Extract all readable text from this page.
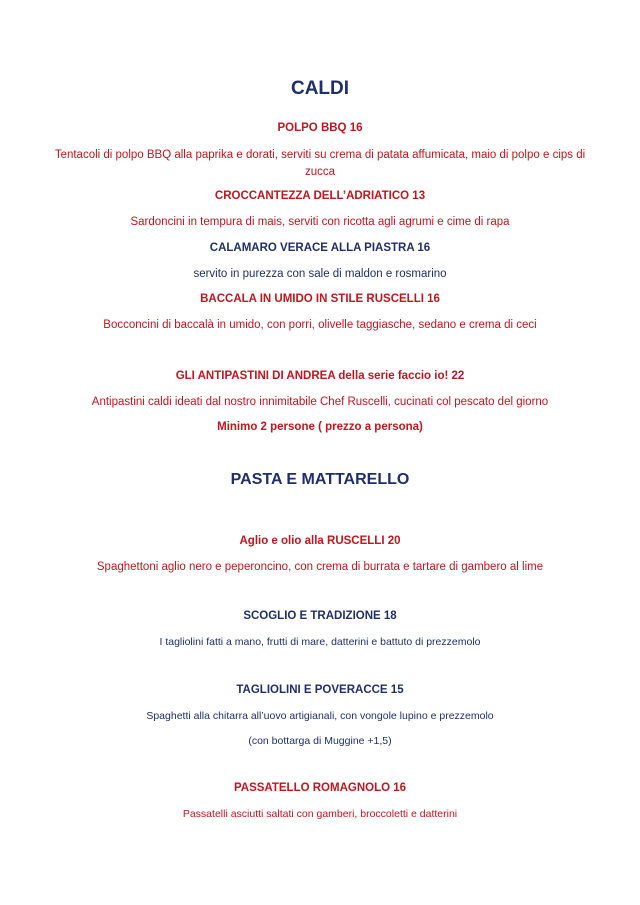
CALDI
POLPO BBQ 16
Tentacoli di polpo BBQ alla paprika e dorati, serviti su crema di patata affumicata, maio di polpo e cips di zucca
CROCCANTEZZA DELL’ADRIATICO 13
Sardoncini in tempura di mais, serviti con ricotta agli agrumi e cime di rapa
CALAMARO VERACE ALLA PIASTRA 16
servito in purezza con sale di maldon e rosmarino
BACCALA IN UMIDO IN STILE RUSCELLI 16
Bocconcini di baccalà in umido, con porri, olivelle taggiasche, sedano e crema di ceci
GLI ANTIPASTINI DI ANDREA della serie faccio io! 22
Antipastini caldi ideati dal nostro innimitabile Chef Ruscelli, cucinati col pescato del giorno
Minimo 2 persone ( prezzo a persona)
PASTA E MATTARELLO
Aglio e olio alla RUSCELLI 20
Spaghettoni aglio nero e peperoncino, con crema di burrata e tartare di gambero al lime
SCOGLIO E TRADIZIONE 18
I tagliolini fatti a mano, frutti di mare, datterini e battuto di prezzemolo
TAGLIOLINI E POVERACCE 15
Spaghetti alla chitarra all’uovo artigianali, con vongole lupino e prezzemolo
(con bottarga di Muggine +1,5)
PASSATELLO ROMAGNOLO 16
Passatelli asciutti saltati con gamberi, broccoletti e datterini
